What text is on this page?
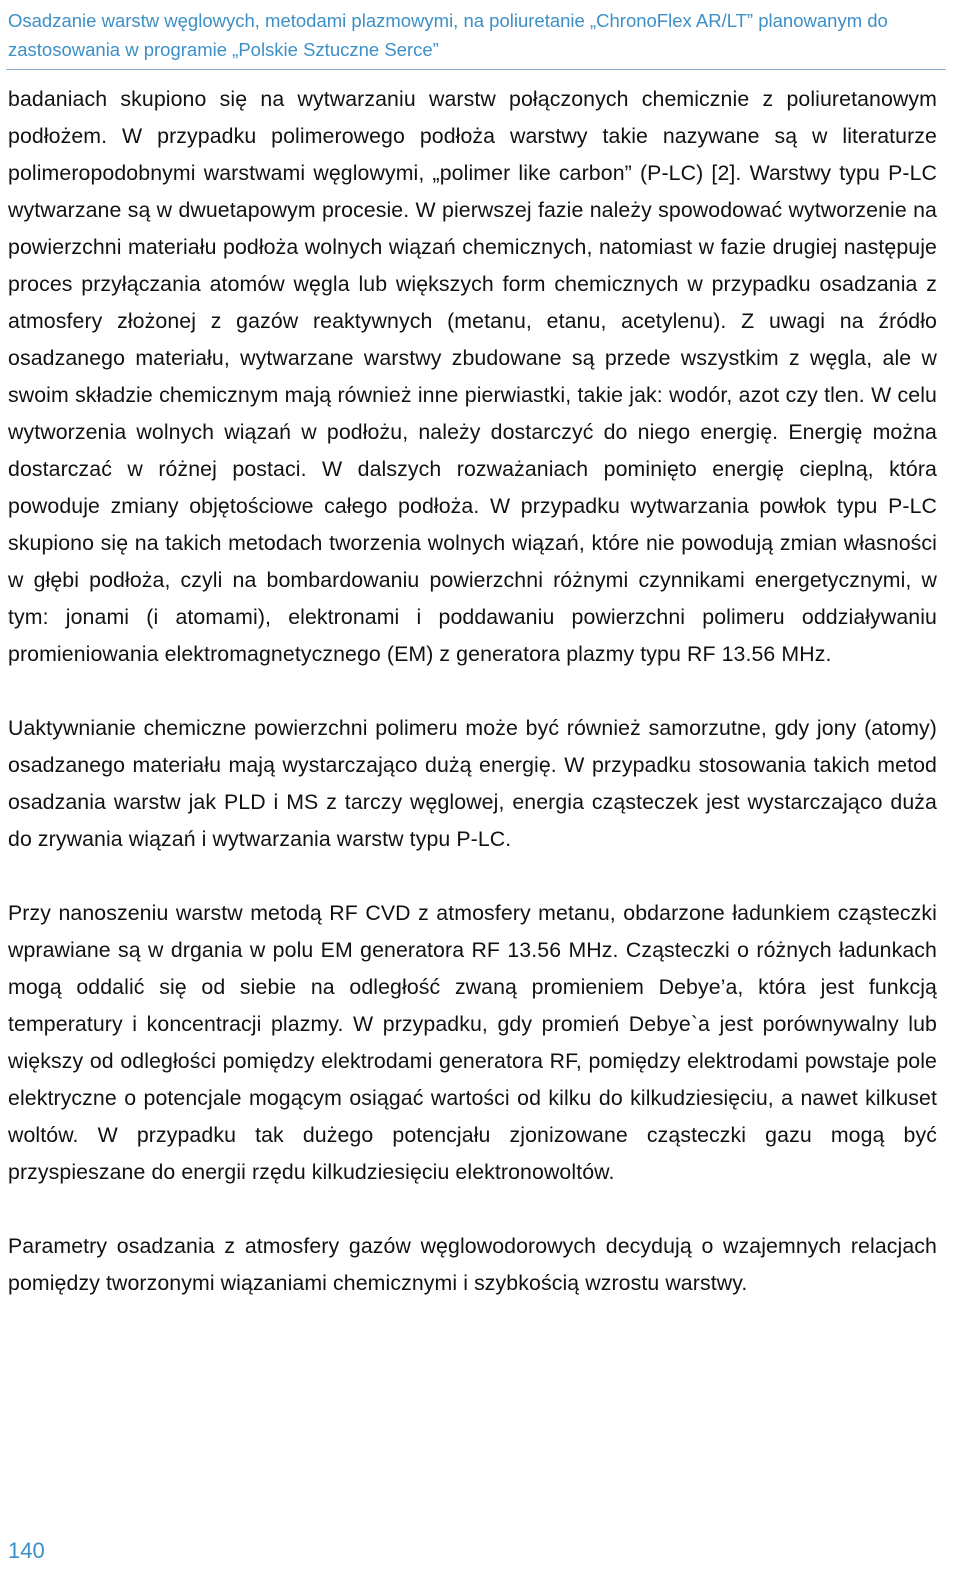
Osadzanie warstw węglowych, metodami plazmowymi, na poliuretanie „ChronoFlex AR/LT” planowanym do zastosowania w programie „Polskie Sztuczne Serce”

badaniach skupiono się na wytwarzaniu warstw połączonych chemicznie z poliuretanowym podłożem. W przypadku polimerowego podłoża warstwy takie nazywane są w literaturze polimeropodobnymi warstwami węglowymi, „polimer like carbon” (P-LC) [2]. Warstwy typu P-LC wytwarzane są w dwuetapowym procesie. W pierwszej fazie należy spowodować wytworzenie na powierzchni materiału podłoża wolnych wiązań chemicznych, natomiast w fazie drugiej następuje proces przyłączania atomów węgla lub większych form chemicznych w przypadku osadzania z atmosfery złożonej z gazów reaktywnych (metanu, etanu, acetylenu). Z uwagi na źródło osadzanego materiału, wytwarzane warstwy zbudowane są przede wszystkim z węgla, ale w swoim składzie chemicznym mają również inne pierwiastki, takie jak: wodór, azot czy tlen. W celu wytworzenia wolnych wiązań w podłożu, należy dostarczyć do niego energię. Energię można dostarczać w różnej postaci. W dalszych rozważaniach pominięto energię cieplną, która powoduje zmiany objętościowe całego podłoża. W przypadku wytwarzania powłok typu P-LC skupiono się na takich metodach tworzenia wolnych wiązań, które nie powodują zmian własności w głębi podłoża, czyli na bombardowaniu powierzchni różnymi czynnikami energetycznymi, w tym: jonami (i atomami), elektronami i poddawaniu powierzchni polimeru oddziaływaniu promieniowania elektromagnetycznego (EM) z generatora plazmy typu RF 13.56 MHz.

Uaktywnianie chemiczne powierzchni polimeru może być również samorzutne, gdy jony (atomy) osadzanego materiału mają wystarczająco dużą energię. W przypadku stosowania takich metod osadzania warstw jak PLD i MS z tarczy węglowej, energia cząsteczek jest wystarczająco duża do zrywania wiązań i wytwarzania warstw typu P-LC.

Przy nanoszeniu warstw metodą RF CVD z atmosfery metanu, obdarzone ładunkiem cząsteczki wprawiane są w drgania w polu EM generatora RF 13.56 MHz. Cząsteczki o różnych ładunkach mogą oddalić się od siebie na odległość zwaną promieniem Debye’a, która jest funkcją temperatury i koncentracji plazmy. W przypadku, gdy promień Debye`a jest porównywalny lub większy od odległości pomiędzy elektrodami generatora RF, pomiędzy elektrodami powstaje pole elektryczne o potencjale mogącym osiągać wartości od kilku do kilkudziesięciu, a nawet kilkuset woltów. W przypadku tak dużego potencjału zjonizowane cząsteczki gazu mogą być przyspieszane do energii rzędu kilkudziesięciu elektronowoltów.

Parametry osadzania z atmosfery gazów węglowodorowych decydują o wzajemnych relacjach pomiędzy tworzonymi wiązaniami chemicznymi i szybkością wzrostu warstwy.

140
